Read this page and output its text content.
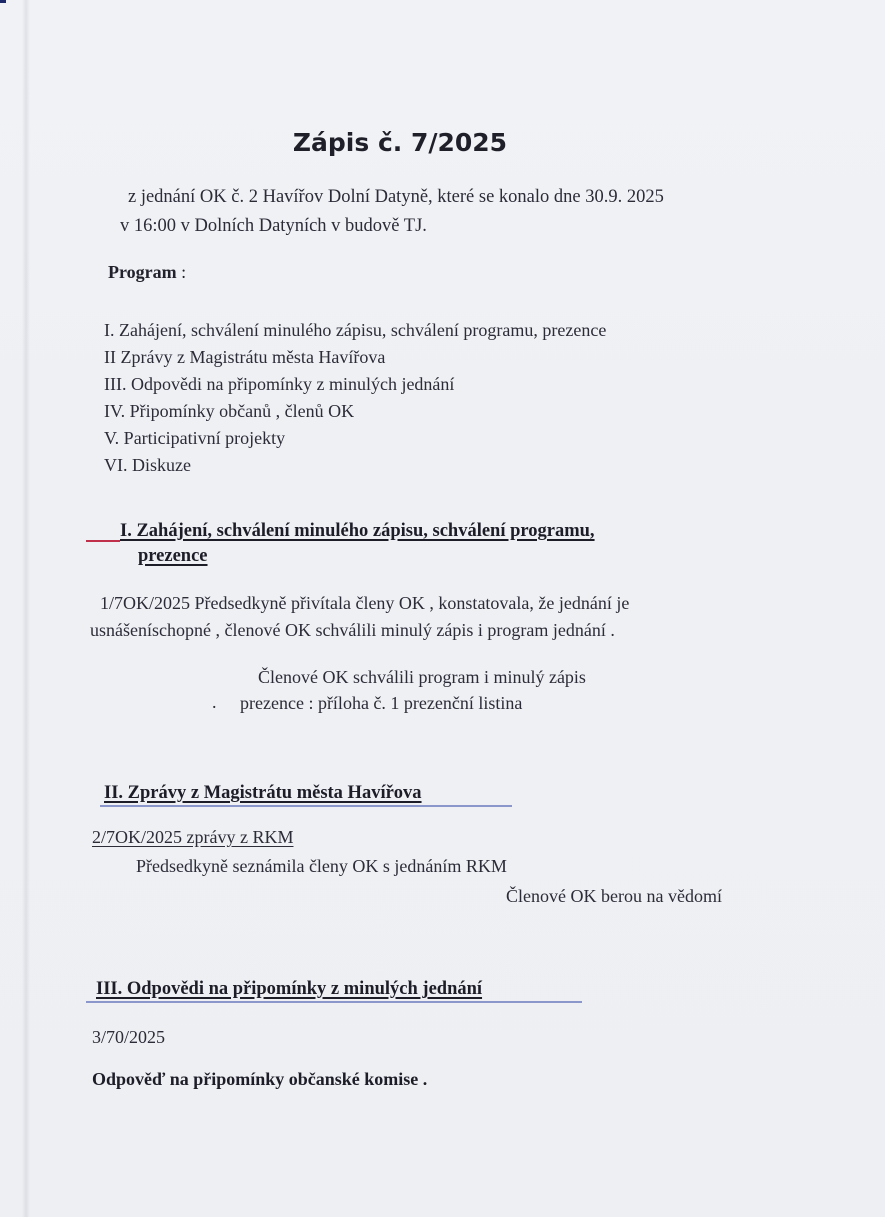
Zápis č. 7/2025

z jednání OK č. 2 Havířov Dolní Datyně, které se konalo dne 30.9. 2025

v 16:00 v Dolních Datyních v budově TJ.

Program :

I. Zahájení, schválení minulého zápisu, schválení programu, prezence
II Zprávy z Magistrátu města Havířova
III. Odpovědi na připomínky z minulých jednání
IV. Připomínky občanů , členů OK
V. Participativní projekty
VI. Diskuze

I. Zahájení, schválení minulého zápisu, schválení programu,

prezence

1/7OK/2025 Předsedkyně přivítala členy OK , konstatovala, že jednání je

usnášeníschopné , členové OK schválili minulý zápis i program jednání .

Členové OK schválili program i minulý zápis

. prezence : příloha č. 1 prezenční listina

II. Zprávy z Magistrátu města Havířova

2/7OK/2025 zprávy z RKM

Předsedkyně seznámila členy OK s jednáním RKM

Členové OK berou na vědomí

III. Odpovědi na připomínky z minulých jednání

3/70/2025

Odpověď na připomínky občanské komise .
